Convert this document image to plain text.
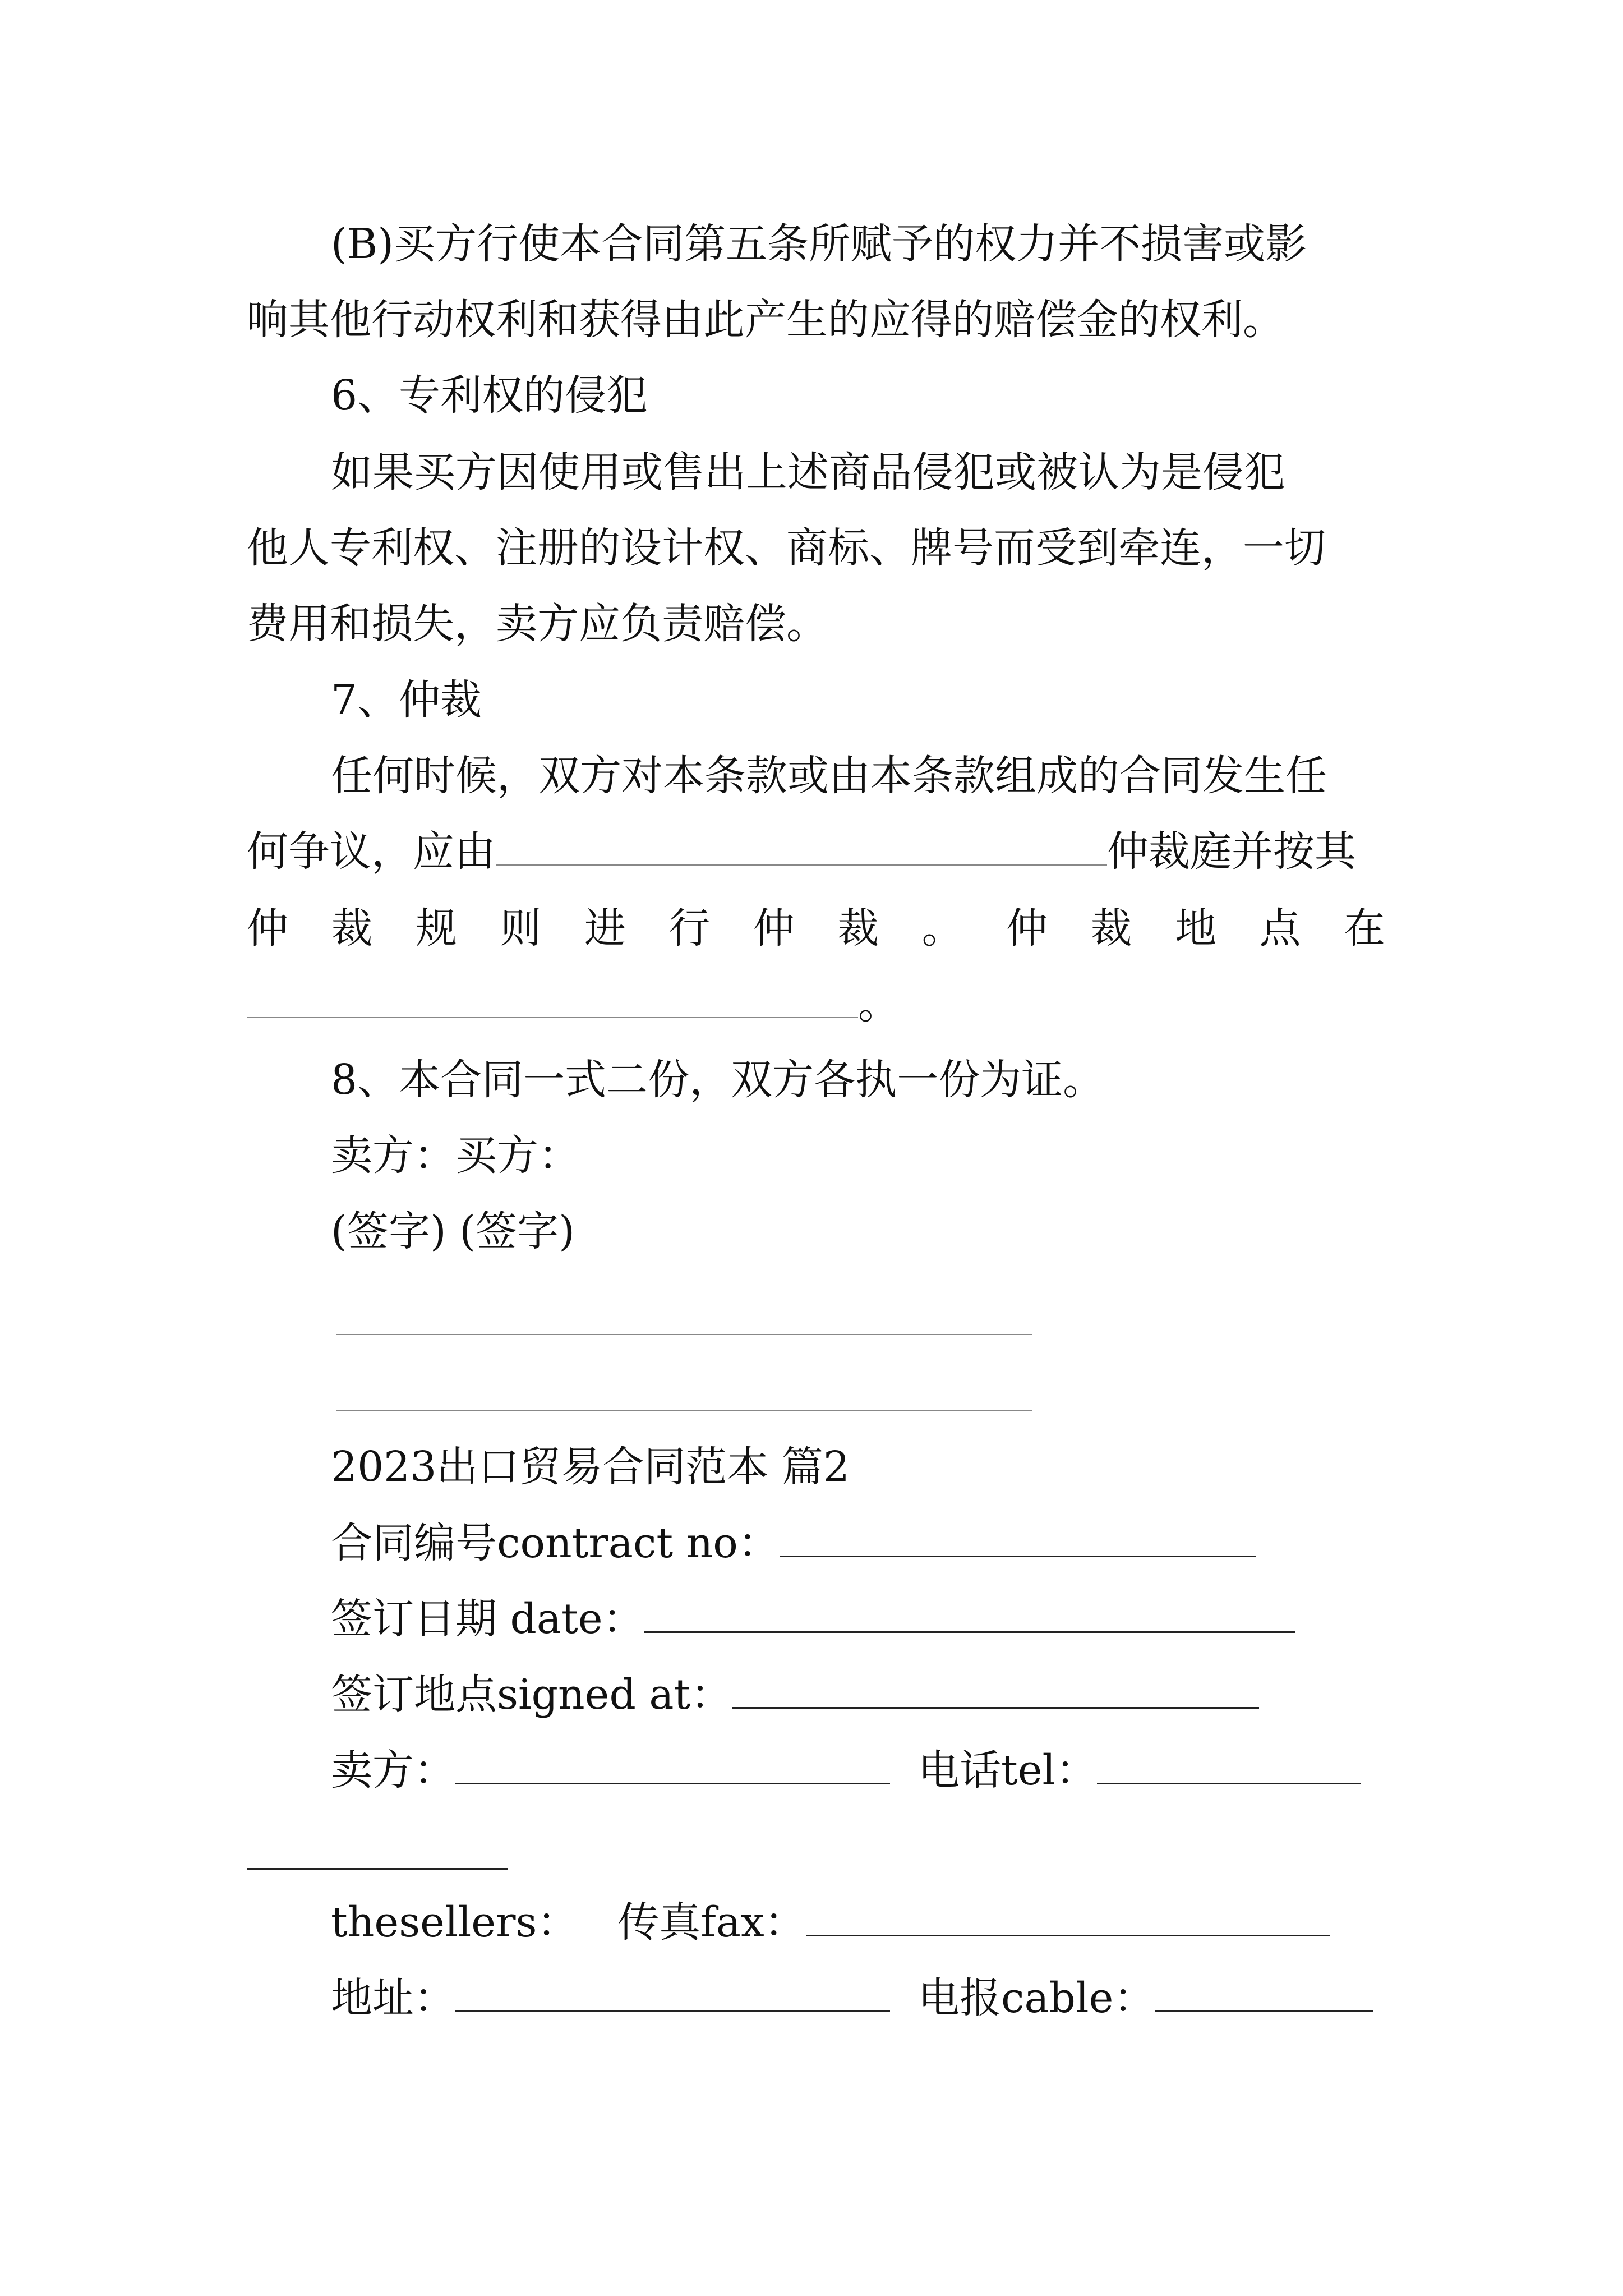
(B)买方行使本合同第五条所赋予的权力并不损害或影
响其他行动权利和获得由此产生的应得的赔偿金的权利。
6、专利权的侵犯
如果买方因使用或售出上述商品侵犯或被认为是侵犯
他人专利权、注册的设计权、商标、牌号而受到牵连，一切
费用和损失，卖方应负责赔偿。
7、仲裁
任何时候，双方对本条款或由本条款组成的合同发生任
何争议，应由	仲裁庭并按其
仲 裁 规 则 进 行 仲 裁 。 仲 裁 地 点 在
。
8、本合同一式二份，双方各执一份为证。
卖方：买方：
(签字) (签字)
2023出口贸易合同范本 篇2
合同编号contract no：
签订日期 date：
签订地点signed at：
卖方：	电话tel：
thesellers： 传真fax：
地址：	电报cable：
